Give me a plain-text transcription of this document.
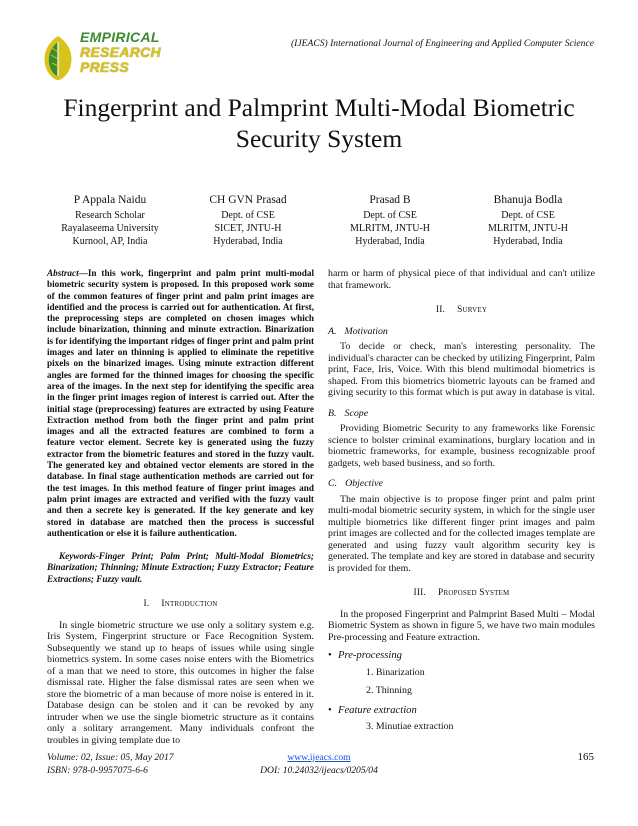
EMPIRICAL
RESEARCH
PRESS
(IJEACS) International Journal of Engineering and Applied Computer Science
Fingerprint and Palmprint Multi-Modal Biometric
Security System
P Appala Naidu
Research Scholar
Rayalaseema University
Kurnool, AP, India
CH GVN Prasad
Dept. of CSE
SICET, JNTU-H
Hyderabad, India
Prasad B
Dept. of CSE
MLRITM, JNTU-H
Hyderabad, India
Bhanuja Bodla
Dept. of CSE
MLRITM, JNTU-H
Hyderabad, India

Abstract—In this work, fingerprint and palm print multi-modal biometric security system is proposed. In this proposed work some of the common features of finger print and palm print images are identified and the process is carried out for authentication. At first, the preprocessing steps are completed on chosen images which include binarization, thinning and minute extraction. Binarization is for identifying the important ridges of finger print and palm print images and later on thinning is applied to eliminate the repetitive pixels on the binarized images. Using minute extraction different angles are formed for the thinned images for choosing the specific area of the images. In the next step for identifying the specific area in the finger print images region of interest is carried out. After the initial stage (preprocessing) features are extracted by using Feature Extraction method from both the finger print and palm print images and all the extracted features are combined to form a feature vector element. Secrete key is generated using the fuzzy extractor from the biometric features and stored in the fuzzy vault. The generated key and obtained vector elements are stored in the database. In final stage authentication methods are carried out for the test images. In this method feature of finger print images and palm print images are extracted and verified with the fuzzy vault and then a secrete key is generated. If the key generate and key stored in database are matched then the process is successful authentication or else it is failure authentication.

Keywords-Finger Print; Palm Print; Multi-Modal Biometrics; Binarization; Thinning; Minute Extraction; Fuzzy Extractor; Feature Extractions; Fuzzy vault.

I. Introduction

In single biometric structure we use only a solitary system e.g. Iris System, Fingerprint structure or Face Recognition System. Subsequently we stand up to heaps of issues while using single biometrics system. In some cases noise enters with the Biometrics of a man that we need to store, this outcomes in higher the false dismissal rate. Higher the false dismissal rates are seen when we store the biometric of a man because of more noise is entered in it. Database design can be stolen and it can be revoked by any intruder when we use the single biometric structure as it contains only a solitary arrangement. Many individuals confront the troubles in giving template due to

harm or harm of physical piece of that individual and can't utilize that framework.

II. Survey
A. Motivation

To decide or check, man's interesting personality. The individual's character can be checked by utilizing Fingerprint, Palm print, Face, Iris, Voice. With this blend multimodal biometrics is shaped. From this biometrics biometric layouts can be framed and giving security to this format which is put away in database is vital.

B. Scope

Providing Biometric Security to any frameworks like Forensic science to bolster criminal examinations, burglary location and in biometric frameworks, for example, business recognizable proof gadgets, web based business, and so forth.

C. Objective

The main objective is to propose finger print and palm print multi-modal biometric security system, in which for the single user multiple biometrics like different finger print images and palm print images are collected and for the collected images template are generated and using fuzzy vault algorithm security key is generated. The template and key are stored in database and security is provided for them.

III. Proposed System

In the proposed Fingerprint and Palmprint Based Multi – Modal Biometric System as shown in figure 5, we have two main modules Pre-processing and Feature extraction.

• Pre-processing
1. Binarization
2. Thinning
• Feature extraction
3. Minutiae extraction
Volume: 02, Issue: 05, May 2017
ISBN: 978-0-9957075-6-6
www.ijeacs.com
DOI: 10.24032/ijeacs/0205/04
165
